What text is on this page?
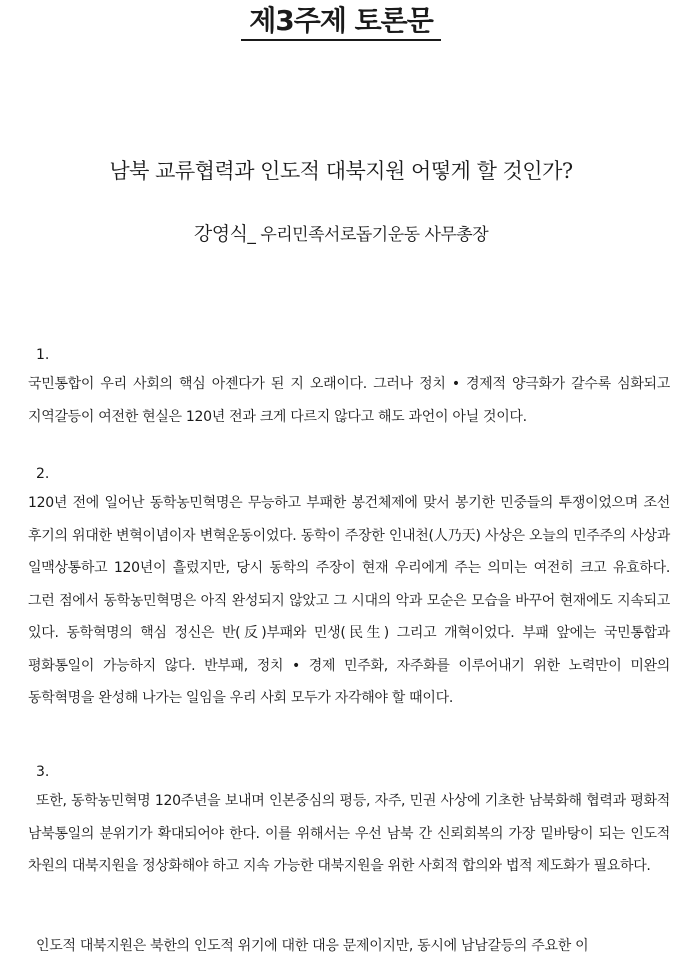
제3주제 토론문
남북 교류협력과 인도적 대북지원 어떻게 할 것인가?

강영식_ 우리민족서로돕기운동 사무총장

1.

국민통합이 우리 사회의 핵심 아젠다가 된 지 오래이다. 그러나 정치 • 경제적 양극화가 갈수록 심화되고 지역갈등이 여전한 현실은 120년 전과 크게 다르지 않다고 해도 과언이 아닐 것이다.

2.

120년 전에 일어난 동학농민혁명은 무능하고 부패한 봉건체제에 맞서 봉기한 민중들의 투쟁이었으며 조선 후기의 위대한 변혁이념이자 변혁운동이었다. 동학이 주장한 인내천(人乃天) 사상은 오늘의 민주주의 사상과 일맥상통하고 120년이 흘렀지만, 당시 동학의 주장이 현재 우리에게 주는 의미는 여전히 크고 유효하다. 그런 점에서 동학농민혁명은 아직 완성되지 않았고 그 시대의 악과 모순은 모습을 바꾸어 현재에도 지속되고 있다. 동학혁명의 핵심 정신은 반(反)부패와 민생(民生) 그리고 개혁이었다. 부패 앞에는 국민통합과 평화통일이 가능하지 않다. 반부패, 정치 • 경제 민주화, 자주화를 이루어내기 위한 노력만이 미완의 동학혁명을 완성해 나가는 일임을 우리 사회 모두가 자각해야 할 때이다.

3.

또한, 동학농민혁명 120주년을 보내며 인본중심의 평등, 자주, 민권 사상에 기초한 남북화해 협력과 평화적 남북통일의 분위기가 확대되어야 한다. 이를 위해서는 우선 남북 간 신뢰회복의 가장 밑바탕이 되는 인도적 차원의 대북지원을 정상화해야 하고 지속 가능한 대북지원을 위한 사회적 합의와 법적 제도화가 필요하다.

인도적 대북지원은 북한의 인도적 위기에 대한 대응 문제이지만, 동시에 남남갈등의 주요한 이
